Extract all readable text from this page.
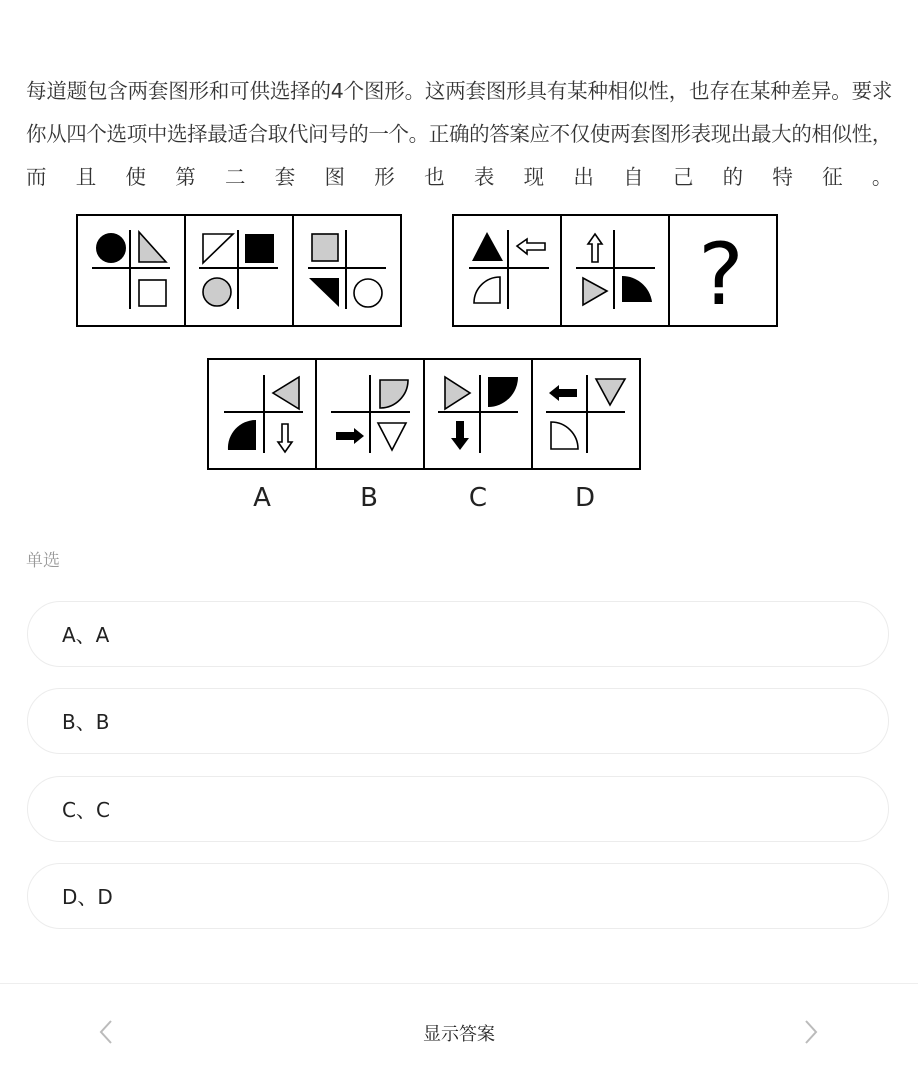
每道题包含两套图形和可供选择的4个图形。这两套图形具有某种相似性，也存在某种差异。要求你从四个选项中选择最适合取代问号的一个。正确的答案应不仅使两套图形表现出最大的相似性，而且使第二套图形也表现出自己的特征。

?
A	B	C	D
单选
A、A
B、B
C、C
D、D
显示答案
